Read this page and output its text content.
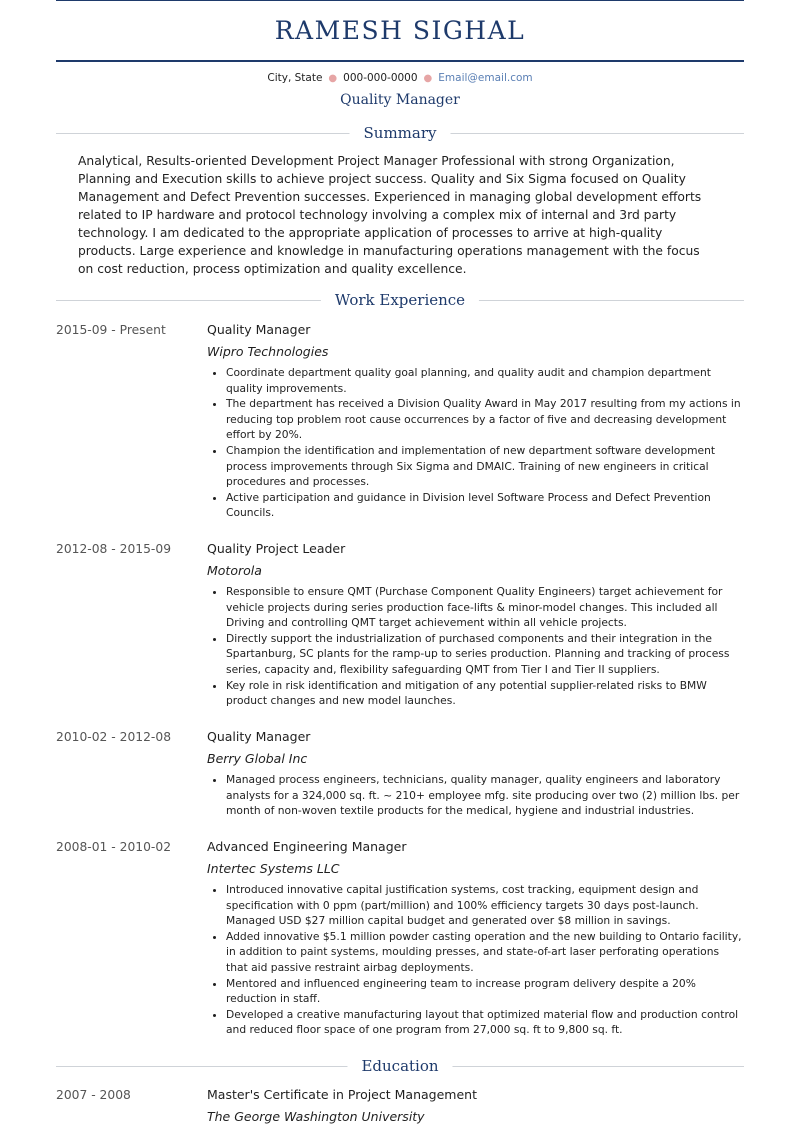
RAMESH SIGHAL
City, State ● 000-000-0000 ● Email@email.com
Quality Manager
Summary

Analytical, Results-oriented Development Project Manager Professional with strong Organization, Planning and Execution skills to achieve project success. Quality and Six Sigma focused on Quality Management and Defect Prevention successes. Experienced in managing global development efforts related to IP hardware and protocol technology involving a complex mix of internal and 3rd party technology. I am dedicated to the appropriate application of processes to arrive at high-quality products. Large experience and knowledge in manufacturing operations management with the focus on cost reduction, process optimization and quality excellence.

Work Experience
2015-09 - Present	Quality Manager
Wipro Technologies
• Coordinate department quality goal planning, and quality audit and champion department quality improvements.
• The department has received a Division Quality Award in May 2017 resulting from my actions in reducing top problem root cause occurrences by a factor of five and decreasing development effort by 20%.
• Champion the identification and implementation of new department software development process improvements through Six Sigma and DMAIC. Training of new engineers in critical procedures and processes.
• Active participation and guidance in Division level Software Process and Defect Prevention Councils.
2012-08 - 2015-09	Quality Project Leader
Motorola
• Responsible to ensure QMT (Purchase Component Quality Engineers) target achievement for vehicle projects during series production face-lifts & minor-model changes. This included all Driving and controlling QMT target achievement within all vehicle projects.
• Directly support the industrialization of purchased components and their integration in the Spartanburg, SC plants for the ramp-up to series production. Planning and tracking of process series, capacity and, flexibility safeguarding QMT from Tier I and Tier II suppliers.
• Key role in risk identification and mitigation of any potential supplier-related risks to BMW product changes and new model launches.
2010-02 - 2012-08	Quality Manager
Berry Global Inc
• Managed process engineers, technicians, quality manager, quality engineers and laboratory analysts for a 324,000 sq. ft. ~ 210+ employee mfg. site producing over two (2) million lbs. per month of non-woven textile products for the medical, hygiene and industrial industries.
2008-01 - 2010-02	Advanced Engineering Manager
Intertec Systems LLC
• Introduced innovative capital justification systems, cost tracking, equipment design and specification with 0 ppm (part/million) and 100% efficiency targets 30 days post-launch. Managed USD $27 million capital budget and generated over $8 million in savings.
• Added innovative $5.1 million powder casting operation and the new building to Ontario facility, in addition to paint systems, moulding presses, and state-of-art laser perforating operations that aid passive restraint airbag deployments.
• Mentored and influenced engineering team to increase program delivery despite a 20% reduction in staff.
• Developed a creative manufacturing layout that optimized material flow and production control and reduced floor space of one program from 27,000 sq. ft to 9,800 sq. ft.
Education
2007 - 2008	Master's Certificate in Project Management
The George Washington University
